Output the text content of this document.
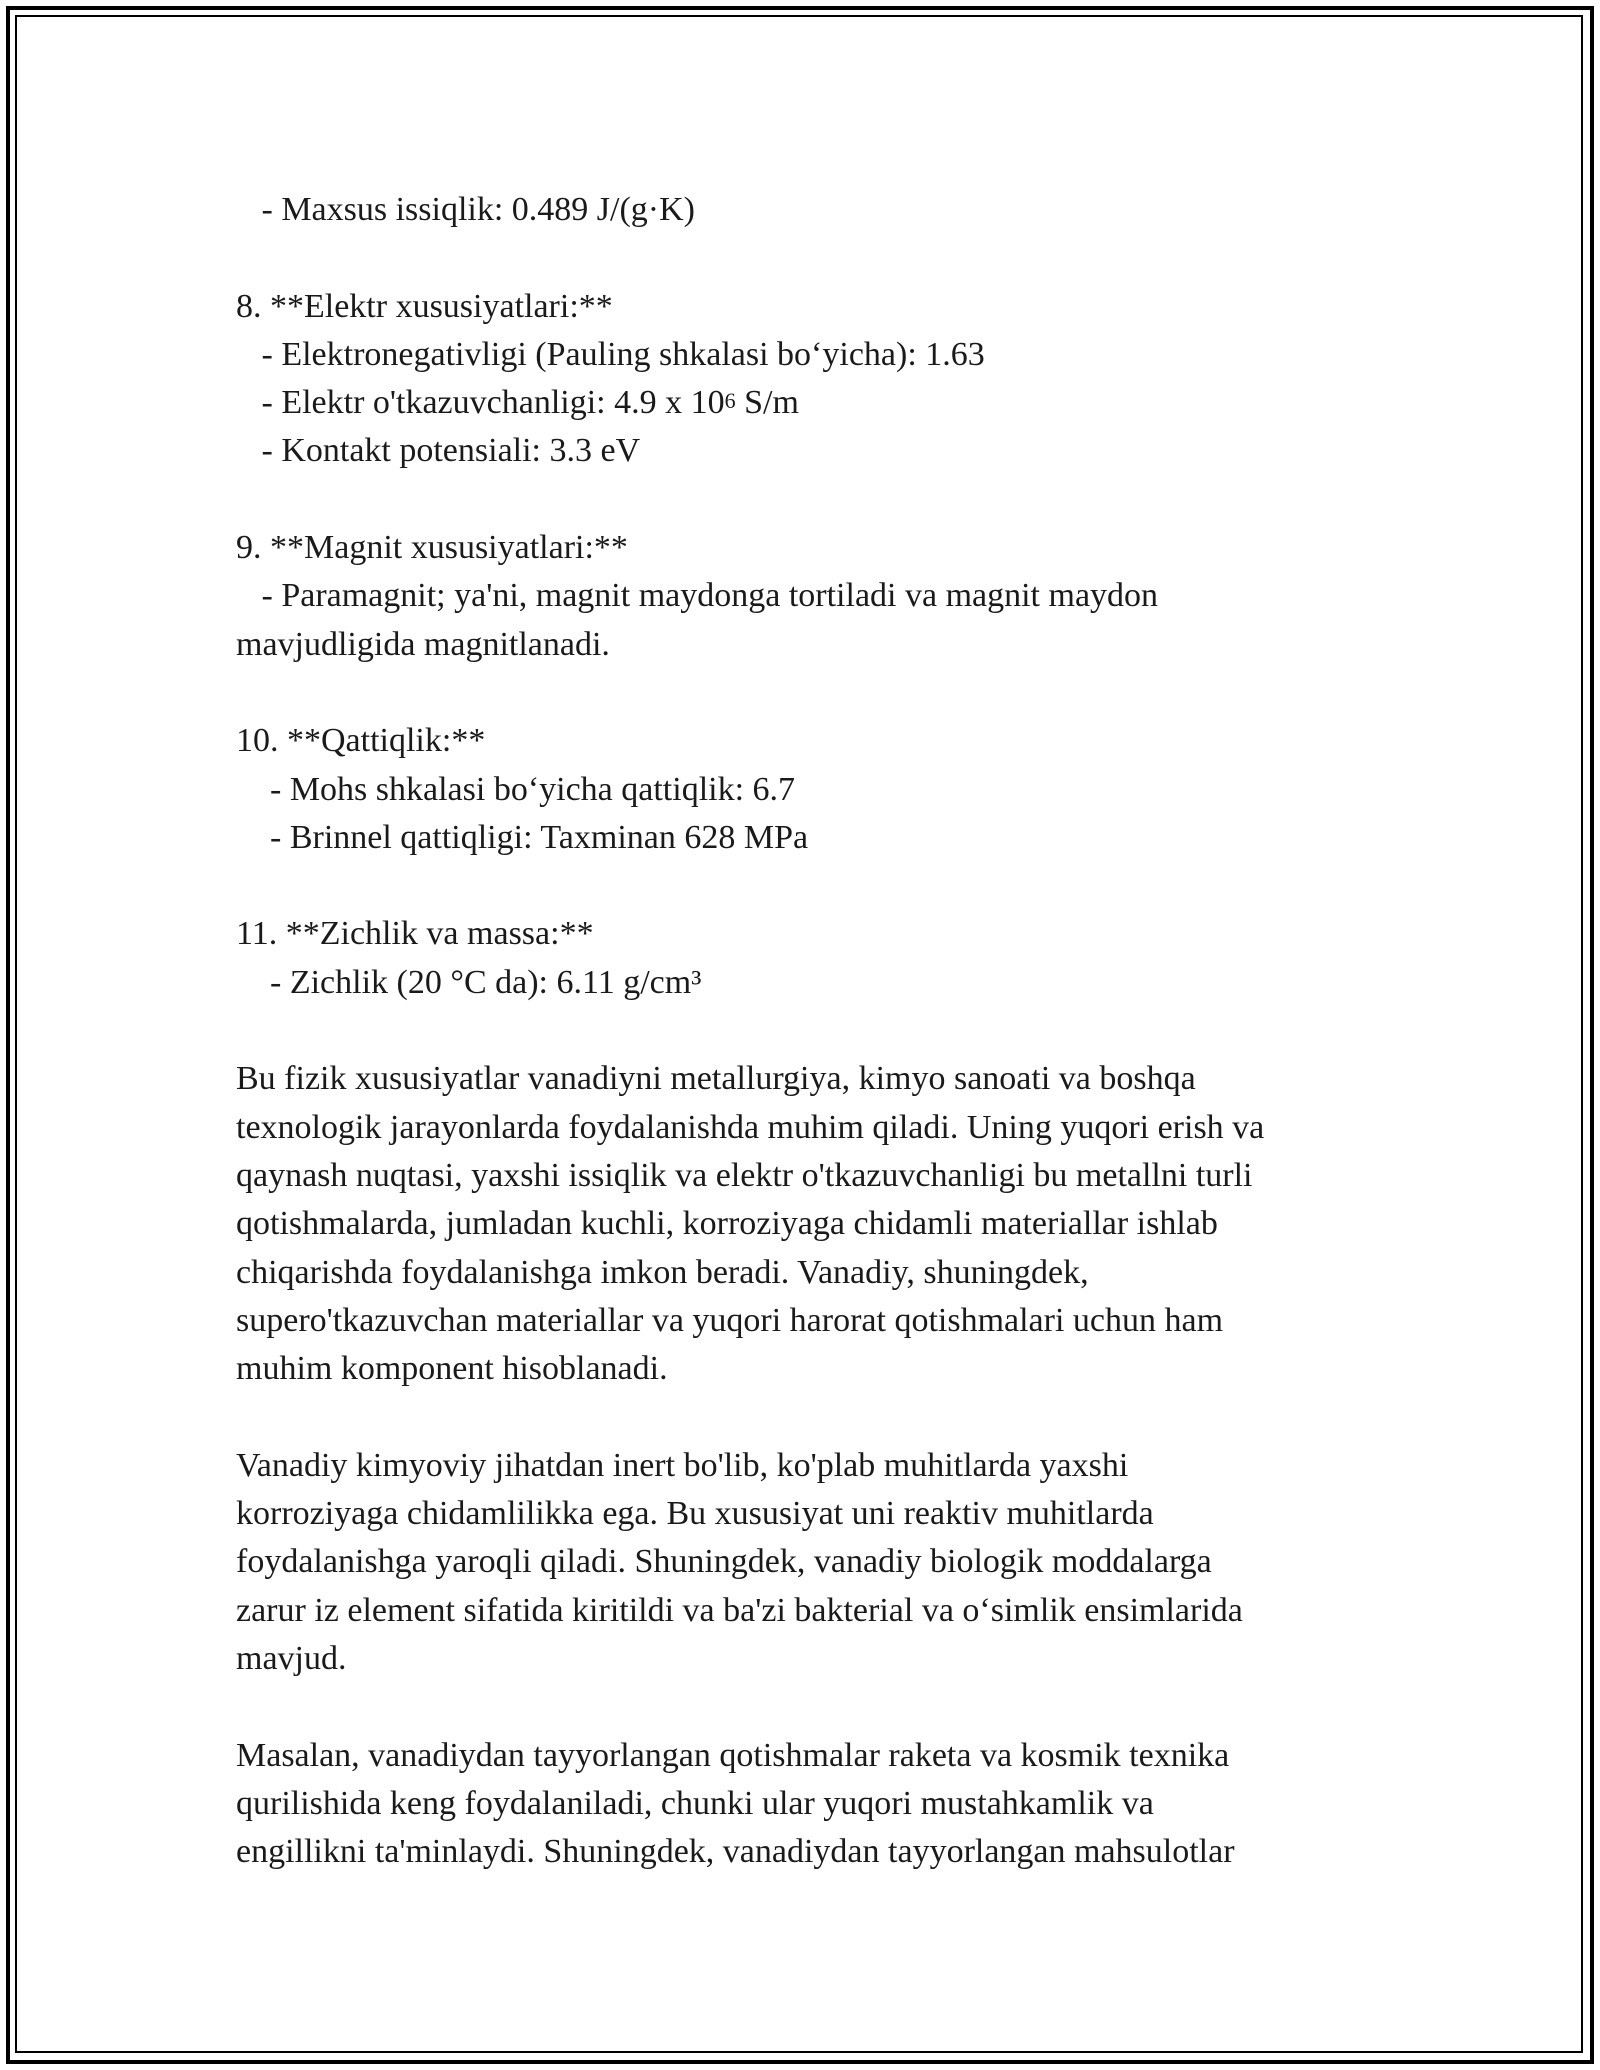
- Maxsus issiqlik: 0.489 J/(g·K)
8. **Elektr xususiyatlari:**
- Elektronegativligi (Pauling shkalasi bo‘yicha): 1.63
- Elektr o'tkazuvchanligi: 4.9 x $10^6$ S/m
- Kontakt potensiali: 3.3 eV
9. **Magnit xususiyatlari:**
- Paramagnit; ya'ni, magnit maydonga tortiladi va magnit maydon
mavjudligida magnitlanadi.
10. **Qattiqlik:**
- Mohs shkalasi bo‘yicha qattiqlik: 6.7
- Brinnel qattiqligi: Taxminan 628 MPa
11. **Zichlik va massa:**
- Zichlik (20 °C da): 6.11 g/cm³
Bu fizik xususiyatlar vanadiyni metallurgiya, kimyo sanoati va boshqa
texnologik jarayonlarda foydalanishda muhim qiladi. Uning yuqori erish va
qaynash nuqtasi, yaxshi issiqlik va elektr o'tkazuvchanligi bu metallni turli
qotishmalarda, jumladan kuchli, korroziyaga chidamli materiallar ishlab
chiqarishda foydalanishga imkon beradi. Vanadiy, shuningdek,
supero'tkazuvchan materiallar va yuqori harorat qotishmalari uchun ham
muhim komponent hisoblanadi.
Vanadiy kimyoviy jihatdan inert bo'lib, ko'plab muhitlarda yaxshi
korroziyaga chidamlilikka ega. Bu xususiyat uni reaktiv muhitlarda
foydalanishga yaroqli qiladi. Shuningdek, vanadiy biologik moddalarga
zarur iz element sifatida kiritildi va ba'zi bakterial va o‘simlik ensimlarida
mavjud.
Masalan, vanadiydan tayyorlangan qotishmalar raketa va kosmik texnika
qurilishida keng foydalaniladi, chunki ular yuqori mustahkamlik va
engillikni ta'minlaydi. Shuningdek, vanadiydan tayyorlangan mahsulotlar
